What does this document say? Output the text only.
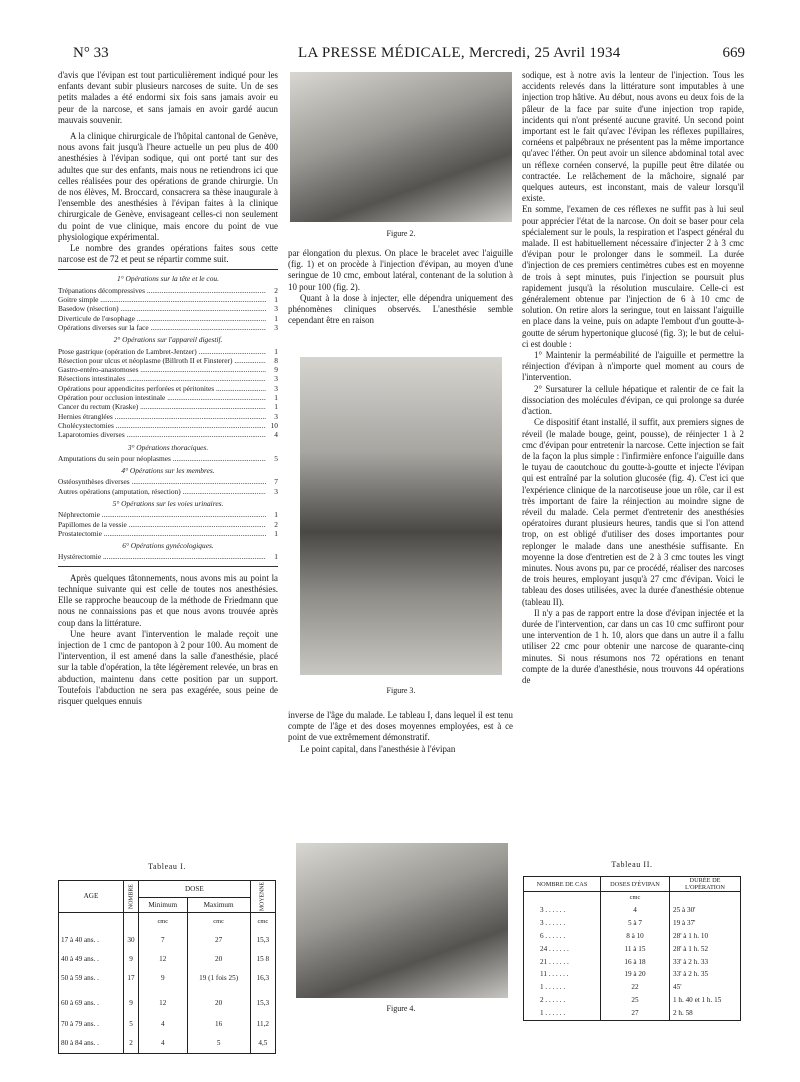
N° 33	LA PRESSE MÉDICALE, Mercredi, 25 Avril 1934	669

d'avis que l'évipan est tout particulièrement indiqué pour les enfants devant subir plusieurs narcoses de suite. Un de ses petits malades a été endormi six fois sans jamais avoir eu peur de la narcose, et sans jamais en avoir gardé aucun mauvais souvenir.

A la clinique chirurgicale de l'hôpital cantonal de Genève, nous avons fait jusqu'à l'heure actuelle un peu plus de 400 anesthésies à l'évipan sodique, qui ont porté tant sur des adultes que sur des enfants, mais nous ne retiendrons ici que celles réalisées pour des opérations de grande chirurgie. Un de nos élèves, M. Broccard, consacrera sa thèse inaugurale à l'ensemble des anesthésies à l'évipan faites à la clinique chirurgicale de Genève, envisageant celles-ci non seulement du point de vue clinique, mais encore du point de vue physiologique expérimental.

Le nombre des grandes opérations faites sous cette narcose est de 72 et peut se répartir comme suit.

1° Opérations sur la tête et le cou.
Trépanations décompressives .....	2
Goitre simple .....	1
Basedow (résection) .....	3
Diverticule de l'œsophage .....	1
Opérations diverses sur la face .....	3
2° Opérations sur l'appareil digestif.
Ptose gastrique (opération de Lambret-Jentzer) .....	1
Résection pour ulcus et néoplasme (Billroth II et Finsterer) .....	8
Gastro-entéro-anastomoses .....	9
Résections intestinales .....	3
Opérations pour appendicites perforées et péritonites .....	3
Opération pour occlusion intestinale .....	1
Cancer du rectum (Kraske) .....	1
Hernies étranglées .....	3
Cholécystectomies .....	10
Laparotomies diverses .....	4
3° Opérations thoraciques.
Amputations du sein pour néoplasmes .....	5
4° Opérations sur les membres.
Ostéosynthèses diverses .....	7
Autres opérations (amputation, résection) .....	3
5° Opérations sur les voies urinaires.
Néphrectomie .....	1
Papillomes de la vessie .....	2
Prostatectomie .....	1
6° Opérations gynécologiques.
Hystérectomie .....	1

Après quelques tâtonnements, nous avons mis au point la technique suivante qui est celle de toutes nos anesthésies. Elle se rapproche beaucoup de la méthode de Friedmann que nous ne connaissions pas et que nous avons trouvée après coup dans la littérature.

Une heure avant l'intervention le malade reçoit une injection de 1 cmc de pantopon à 2 pour 100. Au moment de l'intervention, il est amené dans la salle d'anesthésie, placé sur la table d'opération, la tête légèrement relevée, un bras en abduction, maintenu dans cette position par un support. Toutefois l'abduction ne sera pas exagérée, sous peine de risquer quelques ennuis

Tableau I.
AGE	NOMBRE	DOSE		MOYENNE
		Minimum	Maximum	
		cmc	cmc	cmc
17 à 40 ans. .	30	7	27	15,3
40 à 49 ans. .	9	12	20	15 8
50 à 59 ans. .	17	9	19 (1 fois 25)	16,3
60 à 69 ans. .	9	12	20	15,3
70 à 79 ans. .	5	4	16	11,2
80 à 84 ans. .	2	4	5	4,5
Figure 2.

par élongation du plexus. On place le bracelet avec l'aiguille (fig. 1) et on procède à l'injection d'évipan, au moyen d'une seringue de 10 cmc, embout latéral, contenant de la solution à 10 pour 100 (fig. 2).

Quant à la dose à injecter, elle dépendra uniquement des phénomènes cliniques observés. L'anesthésie semble cependant être en raison

Figure 3.

inverse de l'âge du malade. Le tableau I, dans lequel il est tenu compte de l'âge et des doses moyennes employées, est à ce point de vue extrêmement démonstratif.

Le point capital, dans l'anesthésie à l'évipan

Figure 4.

sodique, est à notre avis la lenteur de l'injection. Tous les accidents relevés dans la littérature sont imputables à une injection trop hâtive. Au début, nous avons eu deux fois de la pâleur de la face par suite d'une injection trop rapide, incidents qui n'ont présenté aucune gravité. Un second point important est le fait qu'avec l'évipan les réflexes pupillaires, cornéens et palpébraux ne présentent pas la même importance qu'avec l'éther. On peut avoir un silence abdominal total avec un réflexe cornéen conservé, la pupille peut être dilatée ou contractée. Le relâchement de la mâchoire, signalé par quelques auteurs, est inconstant, mais de valeur lorsqu'il existe.

En somme, l'examen de ces réflexes ne suffit pas à lui seul pour apprécier l'état de la narcose. On doit se baser pour cela spécialement sur le pouls, la respiration et l'aspect général du malade. Il est habituellement nécessaire d'injecter 2 à 3 cmc d'évipan pour le prolonger dans le sommeil. La durée d'injection de ces premiers centimètres cubes est en moyenne de trois à sept minutes, puis l'injection se poursuit plus rapidement jusqu'à la résolution musculaire. Celle-ci est généralement obtenue par l'injection de 6 à 10 cmc de solution. On retire alors la seringue, tout en laissant l'aiguille en place dans la veine, puis on adapte l'embout d'un goutte-à-goutte de sérum hypertonique glucosé (fig. 3); le but de celui-ci est double :

1° Maintenir la perméabilité de l'aiguille et permettre la réinjection d'évipan à n'importe quel moment au cours de l'intervention.

2° Sursaturer la cellule hépatique et ralentir de ce fait la dissociation des molécules d'évipan, ce qui prolonge sa durée d'action.

Ce dispositif étant installé, il suffit, aux premiers signes de réveil (le malade bouge, geint, pousse), de réinjecter 1 à 2 cmc d'évipan pour entretenir la narcose. Cette injection se fait de la façon la plus simple : l'infirmière enfonce l'aiguille dans le tuyau de caoutchouc du goutte-à-goutte et injecte l'évipan qui est entraîné par la solution glucosée (fig. 4). C'est ici que l'expérience clinique de la narcotiseuse joue un rôle, car il est très important de faire la réinjection au moindre signe de réveil du malade. Cela permet d'entretenir des anesthésies opératoires durant plusieurs heures, tandis que si l'on attend trop, on est obligé d'utiliser des doses importantes pour replonger le malade dans une anesthésie suffisante. En moyenne la dose d'entretien est de 2 à 3 cmc toutes les vingt minutes. Nous avons pu, par ce procédé, réaliser des narcoses de trois heures, employant jusqu'à 27 cmc d'évipan. Voici le tableau des doses utilisées, avec la durée d'anesthésie obtenue (tableau II).

Il n'y a pas de rapport entre la dose d'évipan injectée et la durée de l'intervention, car dans un cas 10 cmc suffiront pour une intervention de 1 h. 10, alors que dans un autre il a fallu utiliser 22 cmc pour obtenir une narcose de quarante-cinq minutes. Si nous résumons nos 72 opérations en tenant compte de la durée d'anesthésie, nous trouvons 44 opérations de

Tableau II.
NOMBRE DE CAS	DOSES D'ÉVIPAN	DURÉE DE L'OPÉRATION
	cmc	
3 . . . . . .	4	25 à 30'
3 . . . . . .	5 à 7	19 à 37'
6 . . . . . .	8 à 10	28' à 1 h. 10
24 . . . . . .	11 à 15	28' à 1 h. 52
21 . . . . . .	16 à 18	33' à 2 h. 33
11 . . . . . .	19 à 20	33' à 2 h. 35
1 . . . . . .	22	45'
2 . . . . . .	25	1 h. 40 et 1 h. 15
1 . . . . . .	27	2 h. 58
